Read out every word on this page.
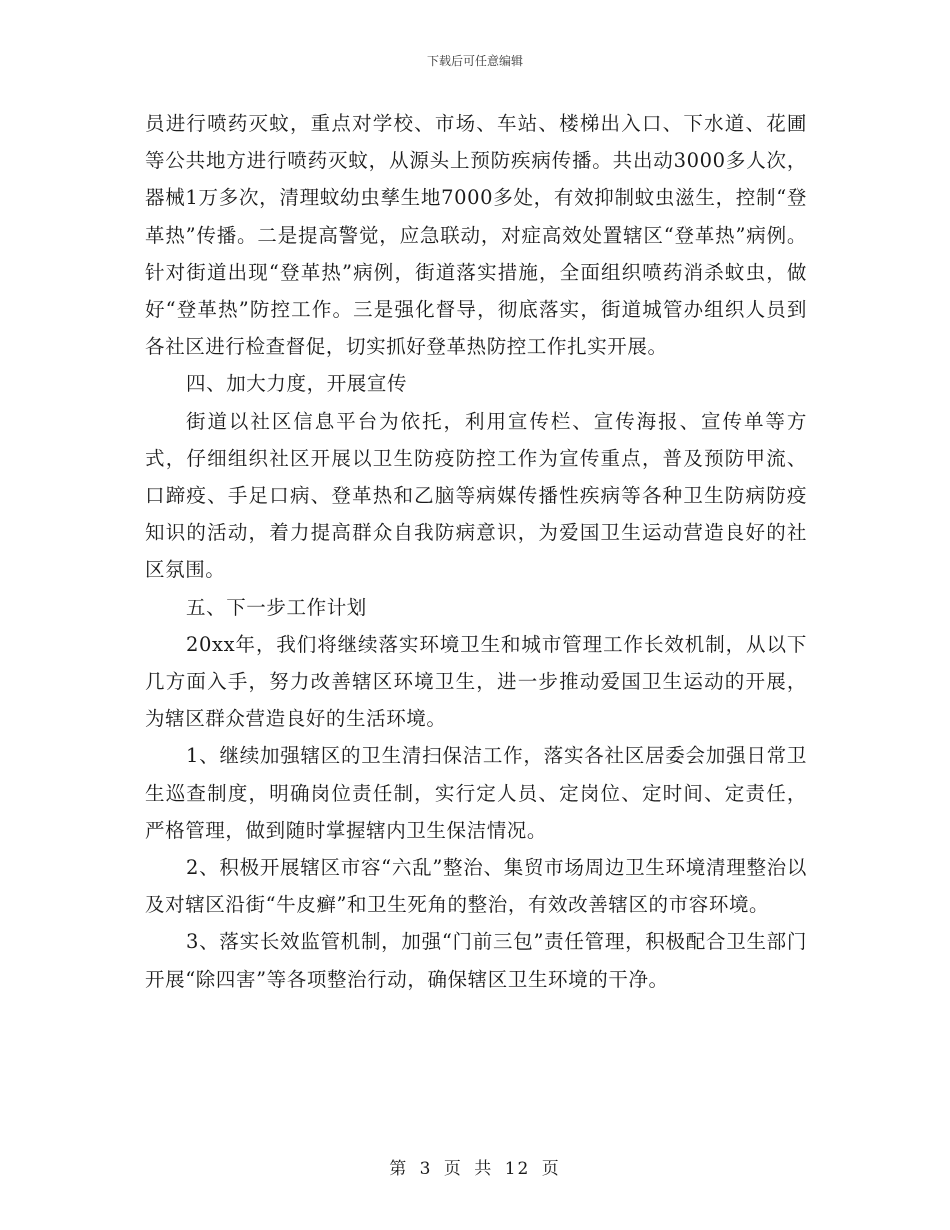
下载后可任意编辑

员进行喷药灭蚊，重点对学校、市场、车站、楼梯出入口、下水道、花圃等公共地方进行喷药灭蚊，从源头上预防疾病传播。共出动3000多人次，器械1万多次，清理蚊幼虫孳生地7000多处，有效抑制蚊虫滋生，控制“登革热”传播。二是提高警觉，应急联动，对症高效处置辖区“登革热”病例。针对街道出现“登革热”病例，街道落实措施，全面组织喷药消杀蚊虫，做好“登革热”防控工作。三是强化督导，彻底落实，街道城管办组织人员到各社区进行检查督促，切实抓好登革热防控工作扎实开展。

四、加大力度，开展宣传

街道以社区信息平台为依托，利用宣传栏、宣传海报、宣传单等方式，仔细组织社区开展以卫生防疫防控工作为宣传重点，普及预防甲流、口蹄疫、手足口病、登革热和乙脑等病媒传播性疾病等各种卫生防病防疫知识的活动，着力提高群众自我防病意识，为爱国卫生运动营造良好的社区氛围。

五、下一步工作计划

20xx年，我们将继续落实环境卫生和城市管理工作长效机制，从以下几方面入手，努力改善辖区环境卫生，进一步推动爱国卫生运动的开展，为辖区群众营造良好的生活环境。

1、继续加强辖区的卫生清扫保洁工作，落实各社区居委会加强日常卫生巡查制度，明确岗位责任制，实行定人员、定岗位、定时间、定责任，严格管理，做到随时掌握辖内卫生保洁情况。

2、积极开展辖区市容“六乱”整治、集贸市场周边卫生环境清理整治以及对辖区沿街“牛皮癣”和卫生死角的整治，有效改善辖区的市容环境。

3、落实长效监管机制，加强“门前三包”责任管理，积极配合卫生部门开展“除四害”等各项整治行动，确保辖区卫生环境的干净。

第 3 页 共 12 页
